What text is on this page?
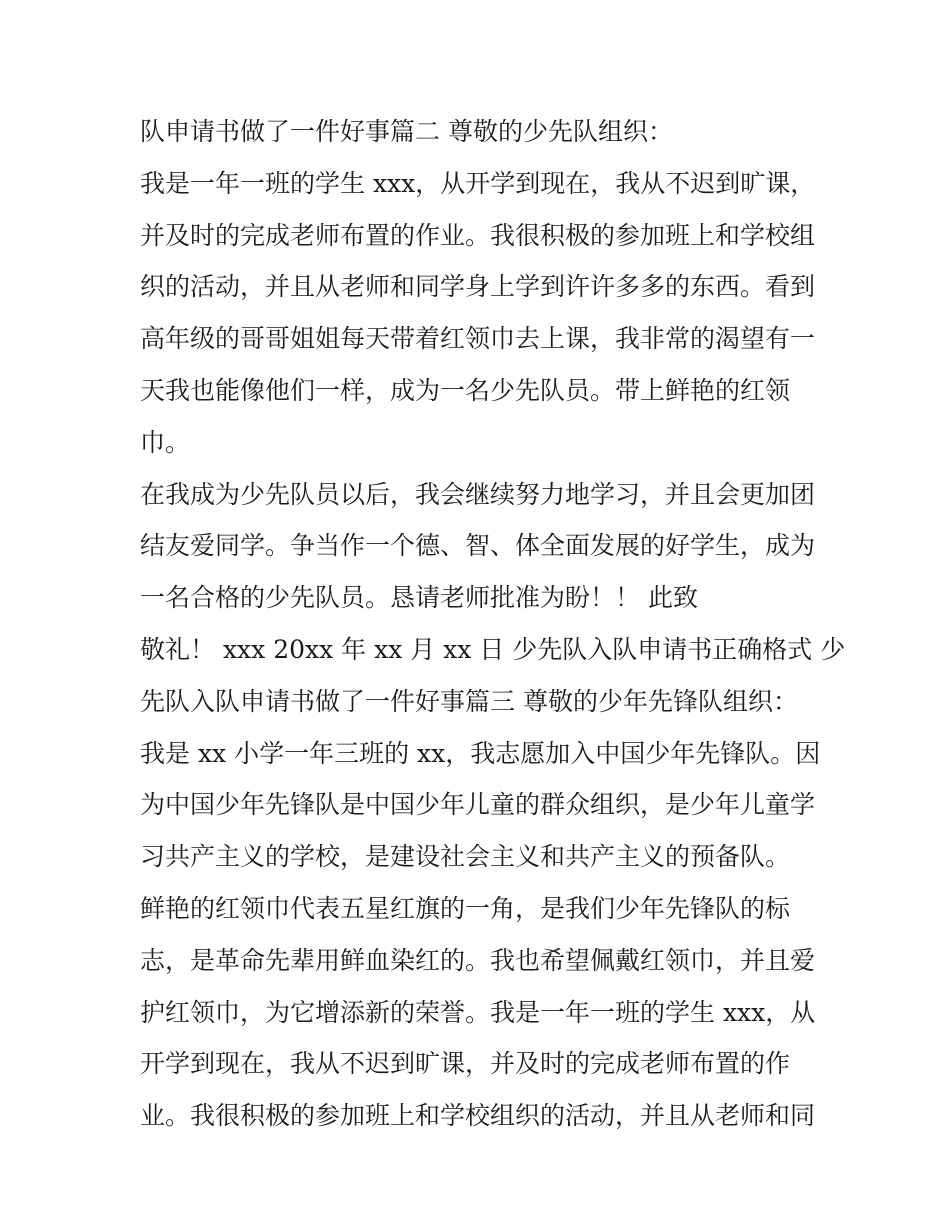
队申请书做了一件好事篇二 尊敬的少先队组织：

我是一年一班的学生 xxx，从开学到现在，我从不迟到旷课，

并及时的完成老师布置的作业。我很积极的参加班上和学校组

织的活动，并且从老师和同学身上学到许许多多的东西。看到

高年级的哥哥姐姐每天带着红领巾去上课，我非常的渴望有一

天我也能像他们一样，成为一名少先队员。带上鲜艳的红领

巾。

在我成为少先队员以后，我会继续努力地学习，并且会更加团

结友爱同学。争当作一个德、智、体全面发展的好学生，成为

一名合格的少先队员。恳请老师批准为盼！！ 此致

敬礼！ xxx 20xx 年 xx 月 xx 日 少先队入队申请书正确格式 少

先队入队申请书做了一件好事篇三 尊敬的少年先锋队组织：

我是 xx 小学一年三班的 xx，我志愿加入中国少年先锋队。因

为中国少年先锋队是中国少年儿童的群众组织，是少年儿童学

习共产主义的学校，是建设社会主义和共产主义的预备队。

鲜艳的红领巾代表五星红旗的一角，是我们少年先锋队的标

志，是革命先辈用鲜血染红的。我也希望佩戴红领巾，并且爱

护红领巾，为它增添新的荣誉。我是一年一班的学生 xxx，从

开学到现在，我从不迟到旷课，并及时的完成老师布置的作

业。我很积极的参加班上和学校组织的活动，并且从老师和同
